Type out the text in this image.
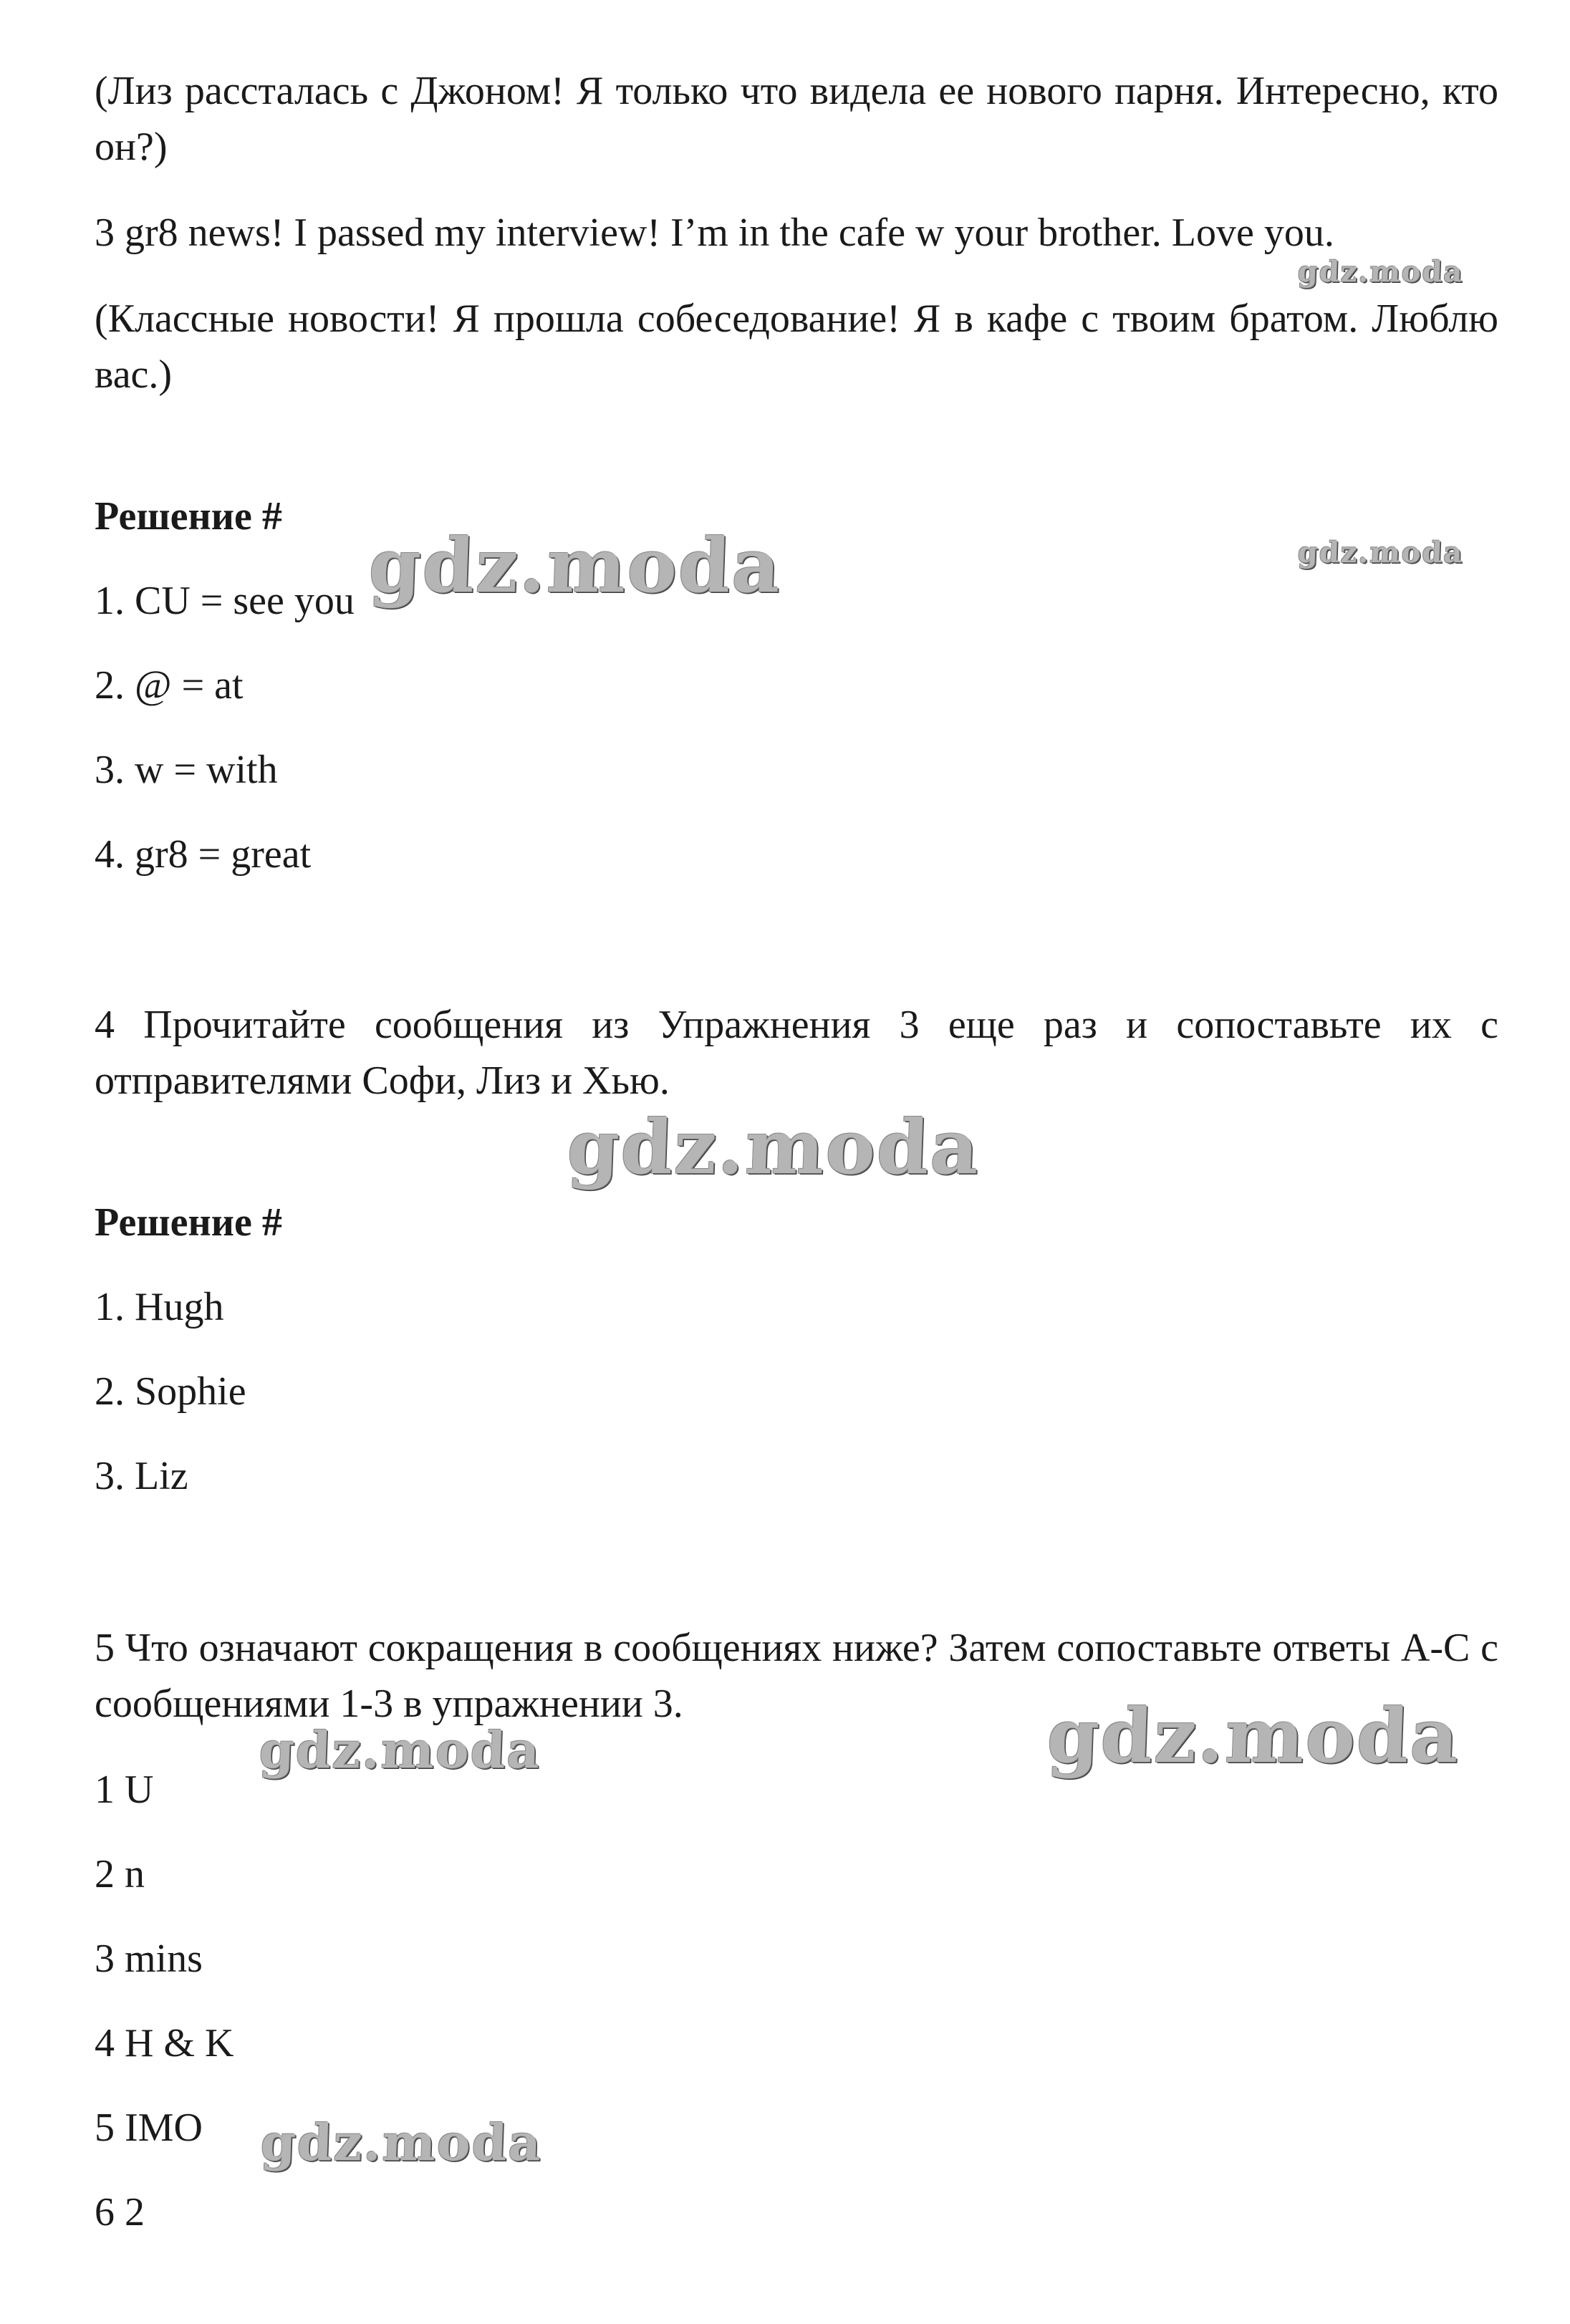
(Лиз рассталась с Джоном! Я только что видела ее нового парня. Интересно, кто он?)

3 gr8 news! I passed my interview! I’m in the cafe w your brother. Love you.

(Классные новости! Я прошла собеседование! Я в кафе с твоим братом. Люблю вас.)

Решение #

1. CU = see you

2. @ = at

3. w = with

4. gr8 = great

4 Прочитайте сообщения из Упражнения 3 еще раз и сопоставьте их с отправителями Софи, Лиз и Хью.

Решение #

1. Hugh

2. Sophie

3. Liz

5 Что означают сокращения в сообщениях ниже? Затем сопоставьте ответы А-С с сообщениями 1-3 в упражнении 3.

1 U

2 n

3 mins

4 H & K

5 IMO

6 2

gdz.moda
gdz.moda	gdz.moda
gdz.moda
gdz.moda	gdz.moda
gdz.moda
